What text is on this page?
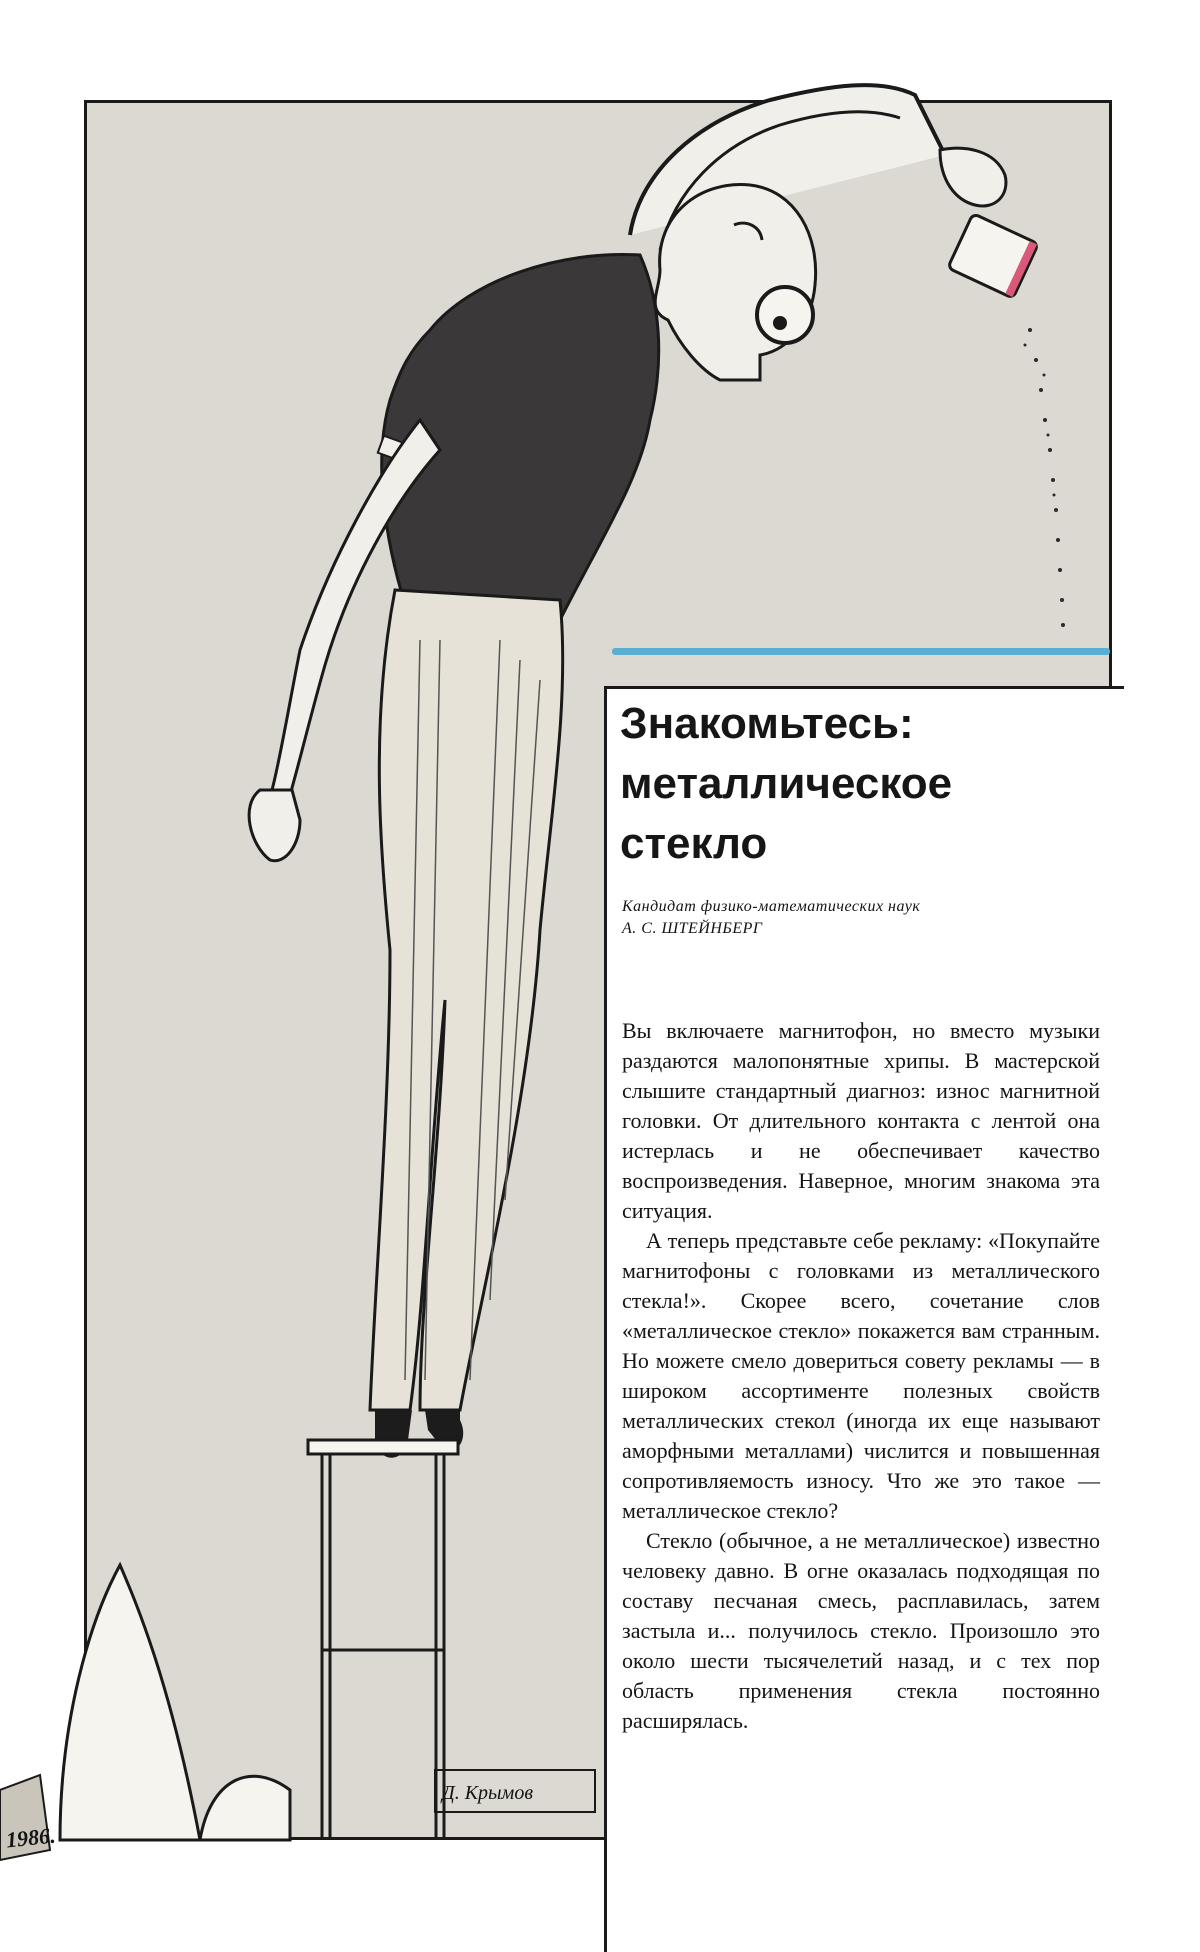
Знакомьтесь:
металлическое
стекло
Кандидат физико-математических наук
А. С. ШТЕЙНБЕРГ

Вы включаете магнитофон, но вместо музыки раздаются малопонятные хрипы. В мастерской слышите стандартный диагноз: износ магнитной головки. От длительного контакта с лентой она истерлась и не обеспечивает качество воспроизведения. Наверное, многим знакома эта ситуация.

А теперь представьте себе рекламу: «Покупайте магнитофоны с головками из металлического стекла!». Скорее всего, сочетание слов «металлическое стекло» покажется вам странным. Но можете смело довериться совету рекламы — в широком ассортименте полезных свойств металлических стекол (иногда их еще называют аморфными металлами) числится и повышенная сопротивляемость износу. Что же это такое — металлическое стекло?

Стекло (обычное, а не металлическое) известно человеку давно. В огне оказалась подходящая по составу песчаная смесь, расплавилась, затем застыла и... получилось стекло. Произошло это около шести тысячелетий назад, и с тех пор область применения стекла постоянно расширялась.

Д. Крымов
1986.
